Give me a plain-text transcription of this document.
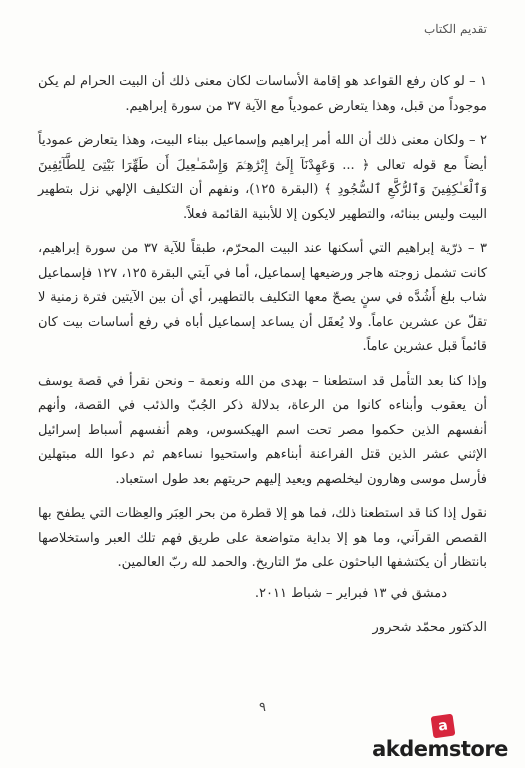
تقديم الكتاب

١ – لو كان رفع القواعد هو إقامة الأساسات لكان معنى ذلك أن البيت الحرام لم يكن موجوداً من قبل، وهذا يتعارض عمودياً مع الآية ٣٧ من سورة إبراهيم.

٢ – ولكان معنى ذلك أن الله أمر إبراهيم وإسماعيل ببناء البيت، وهذا يتعارض عمودياً أيضاً مع قوله تعالى ﴿ ... وَعَهِدْنَآ إِلَىٰٓ إِبْرَٰهِـۧمَ وَإِسْمَـٰعِيلَ أَن طَهِّرَا بَيْتِىَ لِلطَّآئِفِينَ وَٱلْعَـٰكِفِينَ وَٱلرُّكَّعِ ٱلسُّجُودِ ﴾ (البقرة ١٢٥)، ونفهم أن التكليف الإلهي نزل بتطهير البيت وليس ببنائه، والتطهير لايكون إلا للأبنية القائمة فعلاً.

٣ – ذرّية إبراهيم التي أسكنها عند البيت المحرّم، طبقاً للآية ٣٧ من سورة إبراهيم، كانت تشمل زوجته هاجر ورضيعها إسماعيل، أما في آيتي البقرة ١٢٥، ١٢٧ فإسماعيل شاب بلغ أَشُدَّه في سنٍ يصحّ معها التكليف بالتطهير، أي أن بين الآيتين فترة زمنية لا تقلّ عن عشرين عاماً. ولا يُعقَل أن يساعد إسماعيل أباه في رفع أساسات بيت كان قائماً قبل عشرين عاماً.

وإذا كنا بعد التأمل قد استطعنا – بهدى من الله ونعمة – ونحن نقرأ في قصة يوسف أن يعقوب وأبناءه كانوا من الرعاة، بدلالة ذكر الجُبّ والذئب في القصة، وأنهم أنفسهم الذين حكموا مصر تحت اسم الهيكسوس، وهم أنفسهم أسباط إسرائيل الإثني عشر الذين قتل الفراعنة أبناءهم واستحيوا نساءهم ثم دعوا الله مبتهلين فأرسل موسى وهارون ليخلصهم ويعيد إليهم حريتهم بعد طول استعباد.

نقول إذا كنا قد استطعنا ذلك، فما هو إلا قطرة من بحر العِبَر والعِظات التي يطفح بها القصص القرآني، وما هو إلا بداية متواضعة على طريق فهم تلك العبر واستخلاصها بانتظار أن يكتشفها الباحثون على مرّ التاريخ. والحمد لله ربّ العالمين.

دمشق في ١٣ فبراير – شباط ٢٠١١.

الدكتور محمّد شحرور

٩
a
akdemstore
